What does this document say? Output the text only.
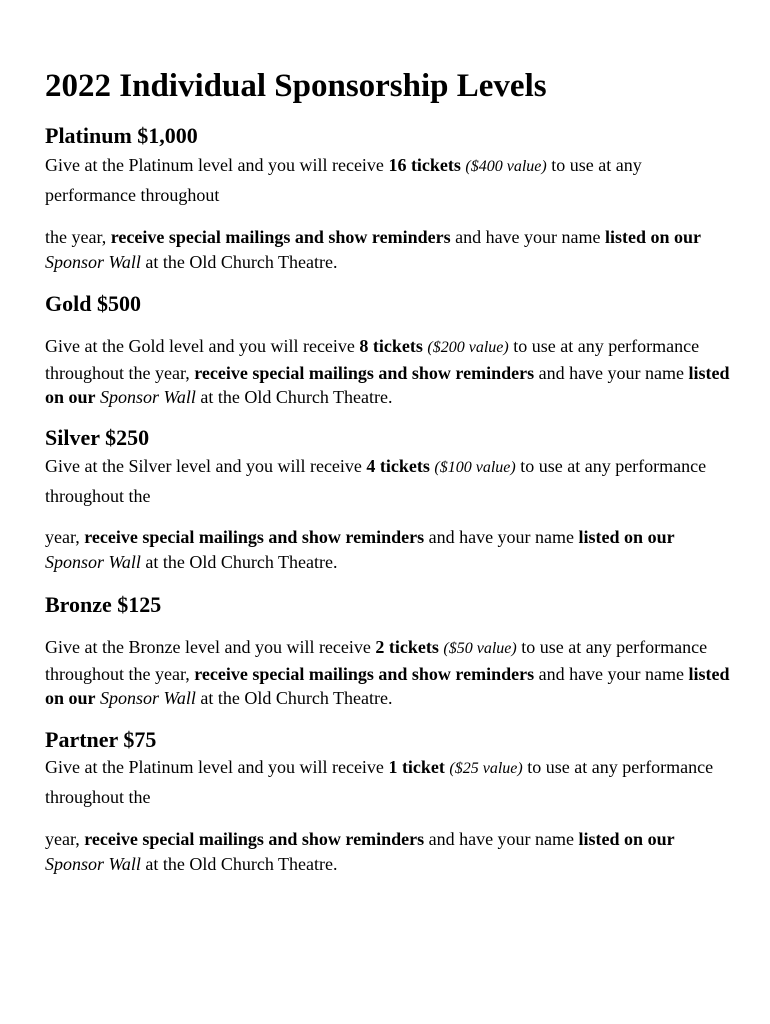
2022 Individual Sponsorship Levels
Platinum $1,000

Give at the Platinum level and you will receive 16 tickets ($400 value) to use at any performance throughout

the year, receive special mailings and show reminders and have your name listed on our Sponsor Wall at the Old Church Theatre.

Gold $500

Give at the Gold level and you will receive 8 tickets ($200 value) to use at any performance throughout the year, receive special mailings and show reminders and have your name listed on our Sponsor Wall at the Old Church Theatre.

Silver $250

Give at the Silver level and you will receive 4 tickets ($100 value) to use at any performance throughout the

year, receive special mailings and show reminders and have your name listed on our Sponsor Wall at the Old Church Theatre.

Bronze $125

Give at the Bronze level and you will receive 2 tickets ($50 value) to use at any performance throughout the year, receive special mailings and show reminders and have your name listed on our Sponsor Wall at the Old Church Theatre.

Partner $75

Give at the Platinum level and you will receive 1 ticket ($25 value) to use at any performance throughout the

year, receive special mailings and show reminders and have your name listed on our Sponsor Wall at the Old Church Theatre.
